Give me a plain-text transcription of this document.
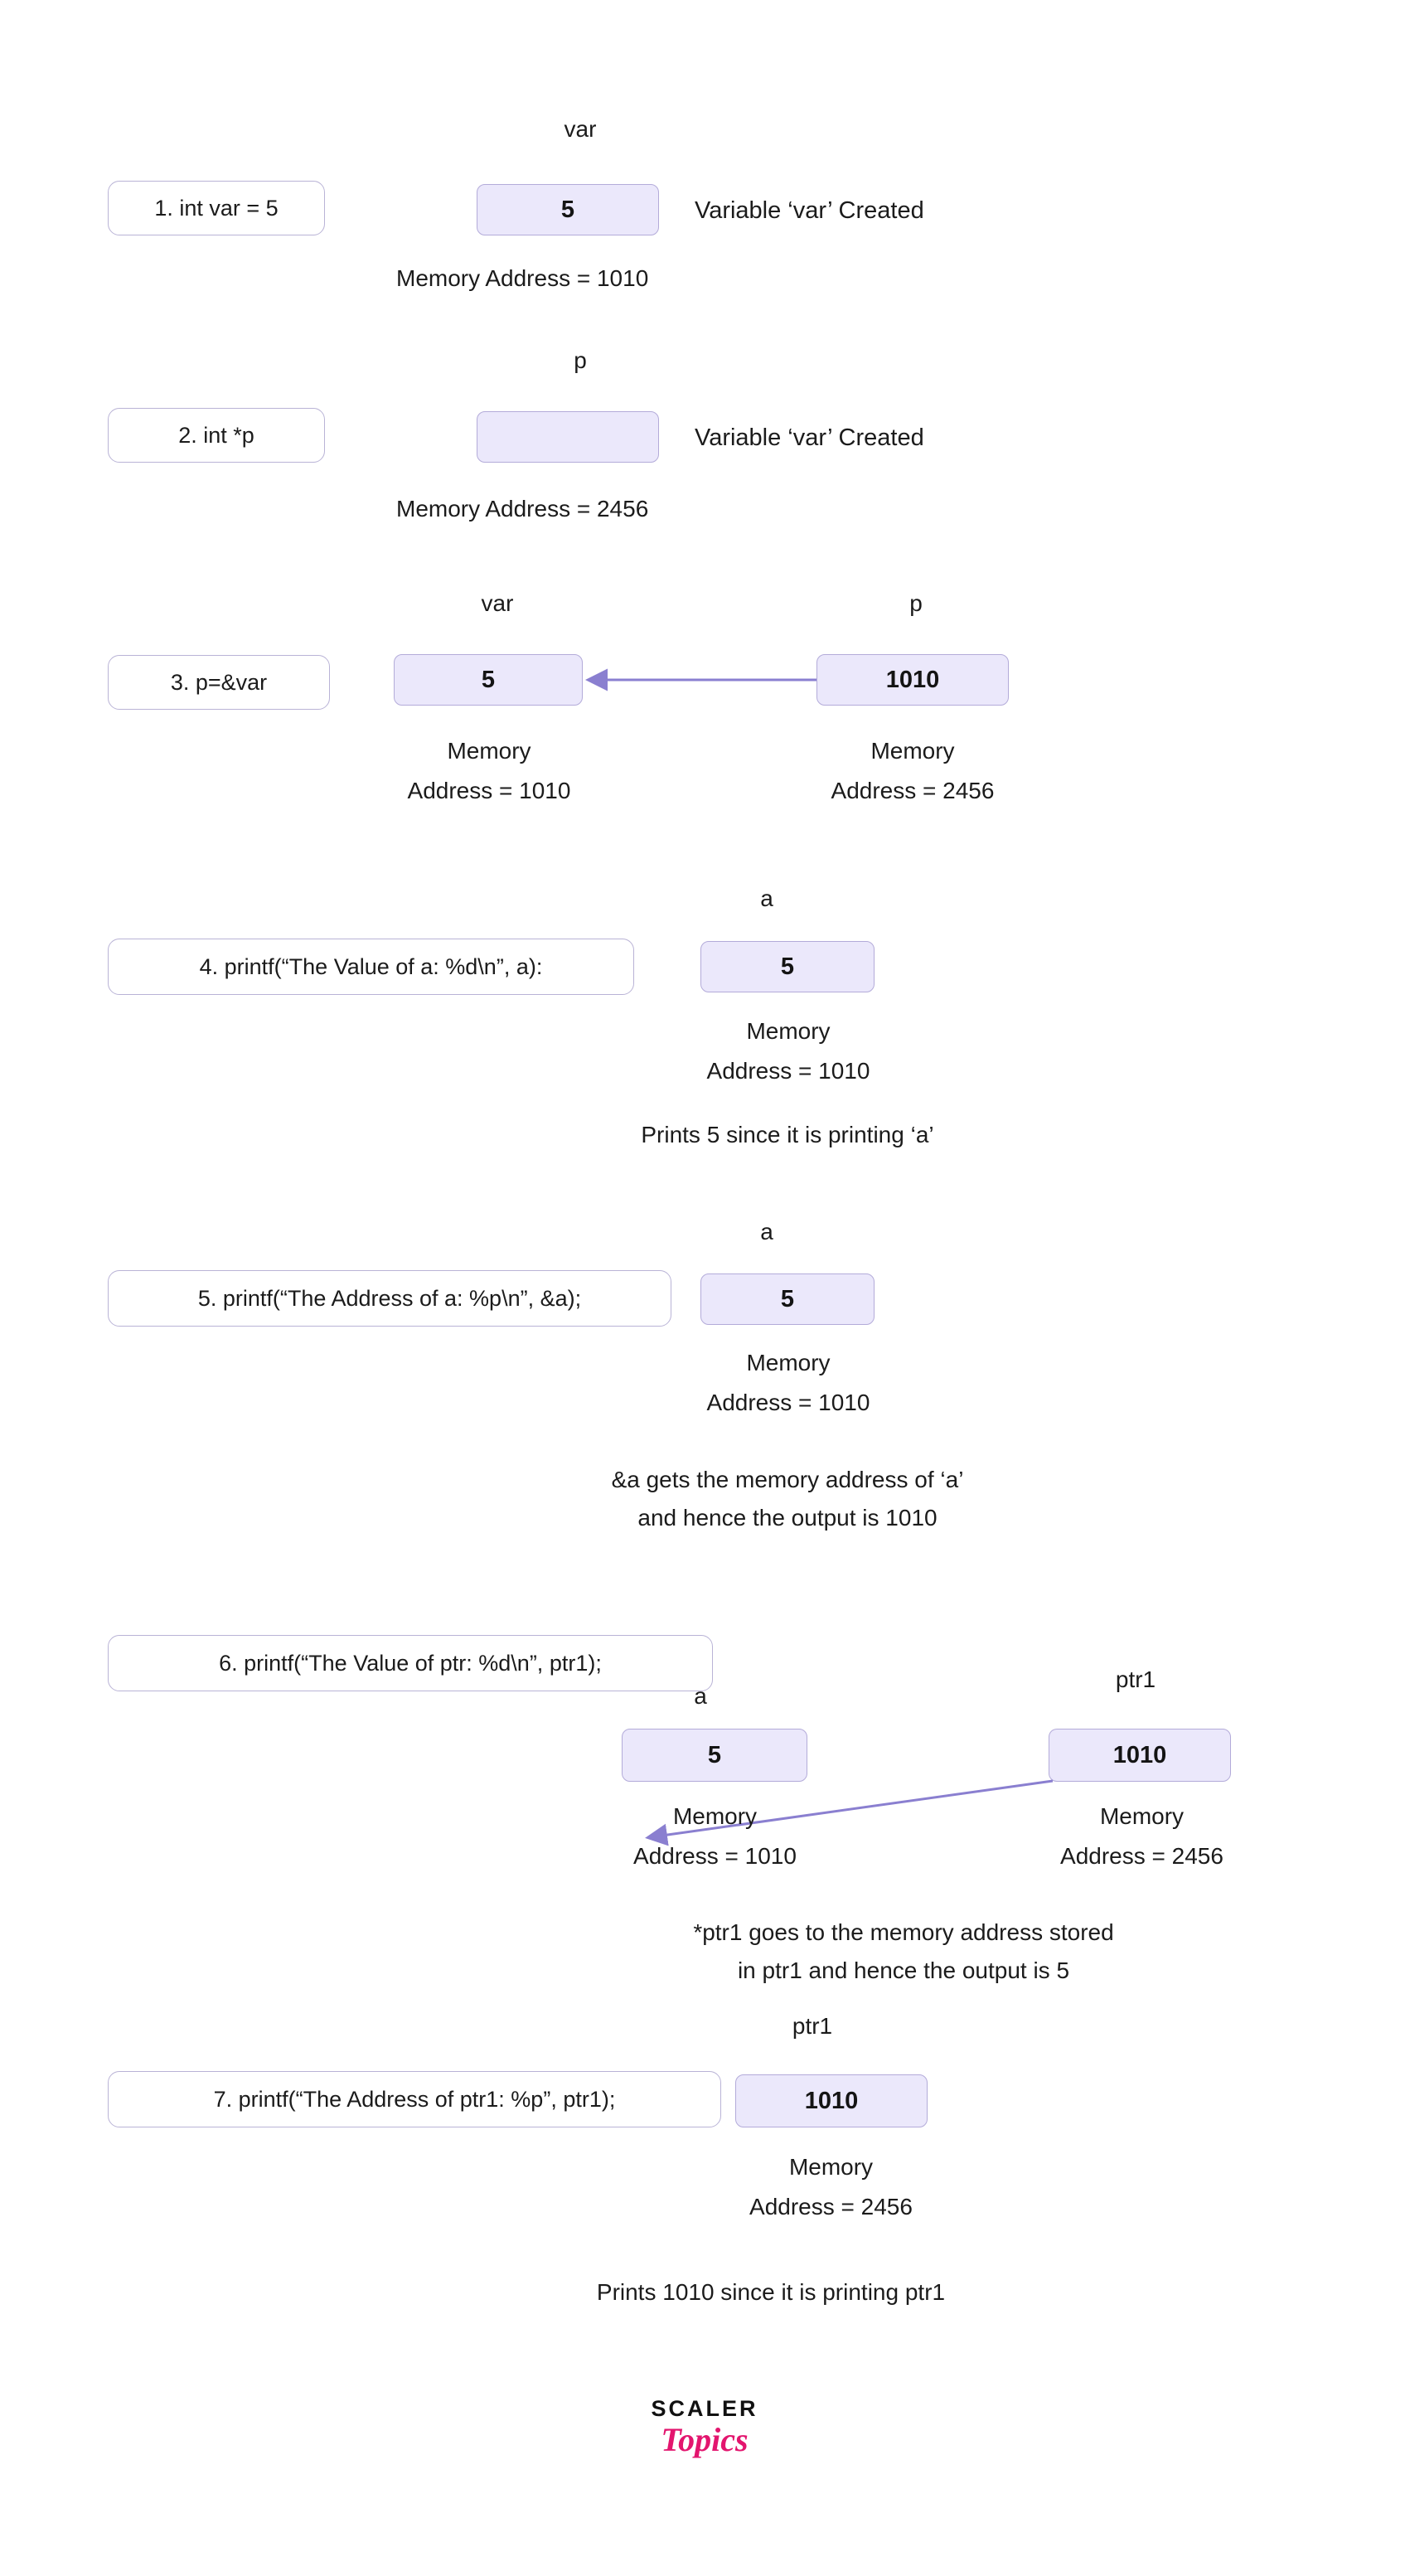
var
1. int var = 5	5	Variable ‘var’ Created
Memory Address = 1010
p
2. int *p	Variable ‘var’ Created
Memory Address = 2456
var	p
3. p=&var	5	1010
Memory
Address = 1010
Memory
Address = 2456
a
4. printf(“The Value of a: %d\n”, a):	5
Memory
Address = 1010
Prints 5 since it is printing ‘a’
a
5. printf(“The Address of a: %p\n”, &a);	5
Memory
Address = 1010
&a gets the memory address of ‘a’
and hence the output is 1010
6. printf(“The Value of ptr: %d\n”, ptr1);
a
ptr1
5	1010
Memory
Address = 1010
Memory
Address = 2456
*ptr1 goes to the memory address stored
in ptr1 and hence the output is 5
ptr1
7. printf(“The Address of ptr1: %p”, ptr1);	1010
Memory
Address = 2456
Prints 1010 since it is printing ptr1
SCALER
Topics
